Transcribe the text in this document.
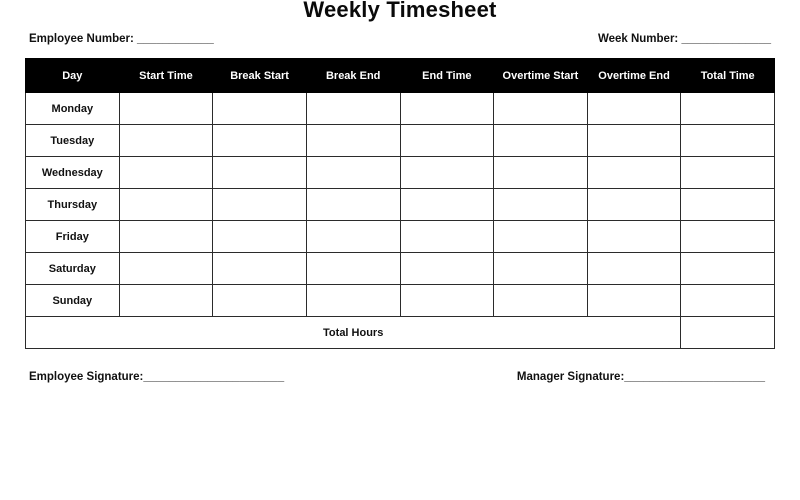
Weekly Timesheet
Employee Number: ____________	Week Number: ______________
Day	Start Time	Break Start	Break End	End Time	Overtime Start	Overtime End	Total Time
Monday							
Tuesday							
Wednesday							
Thursday							
Friday							
Saturday							
Sunday							
Total Hours							
Employee Signature:______________________	Manager Signature:______________________
